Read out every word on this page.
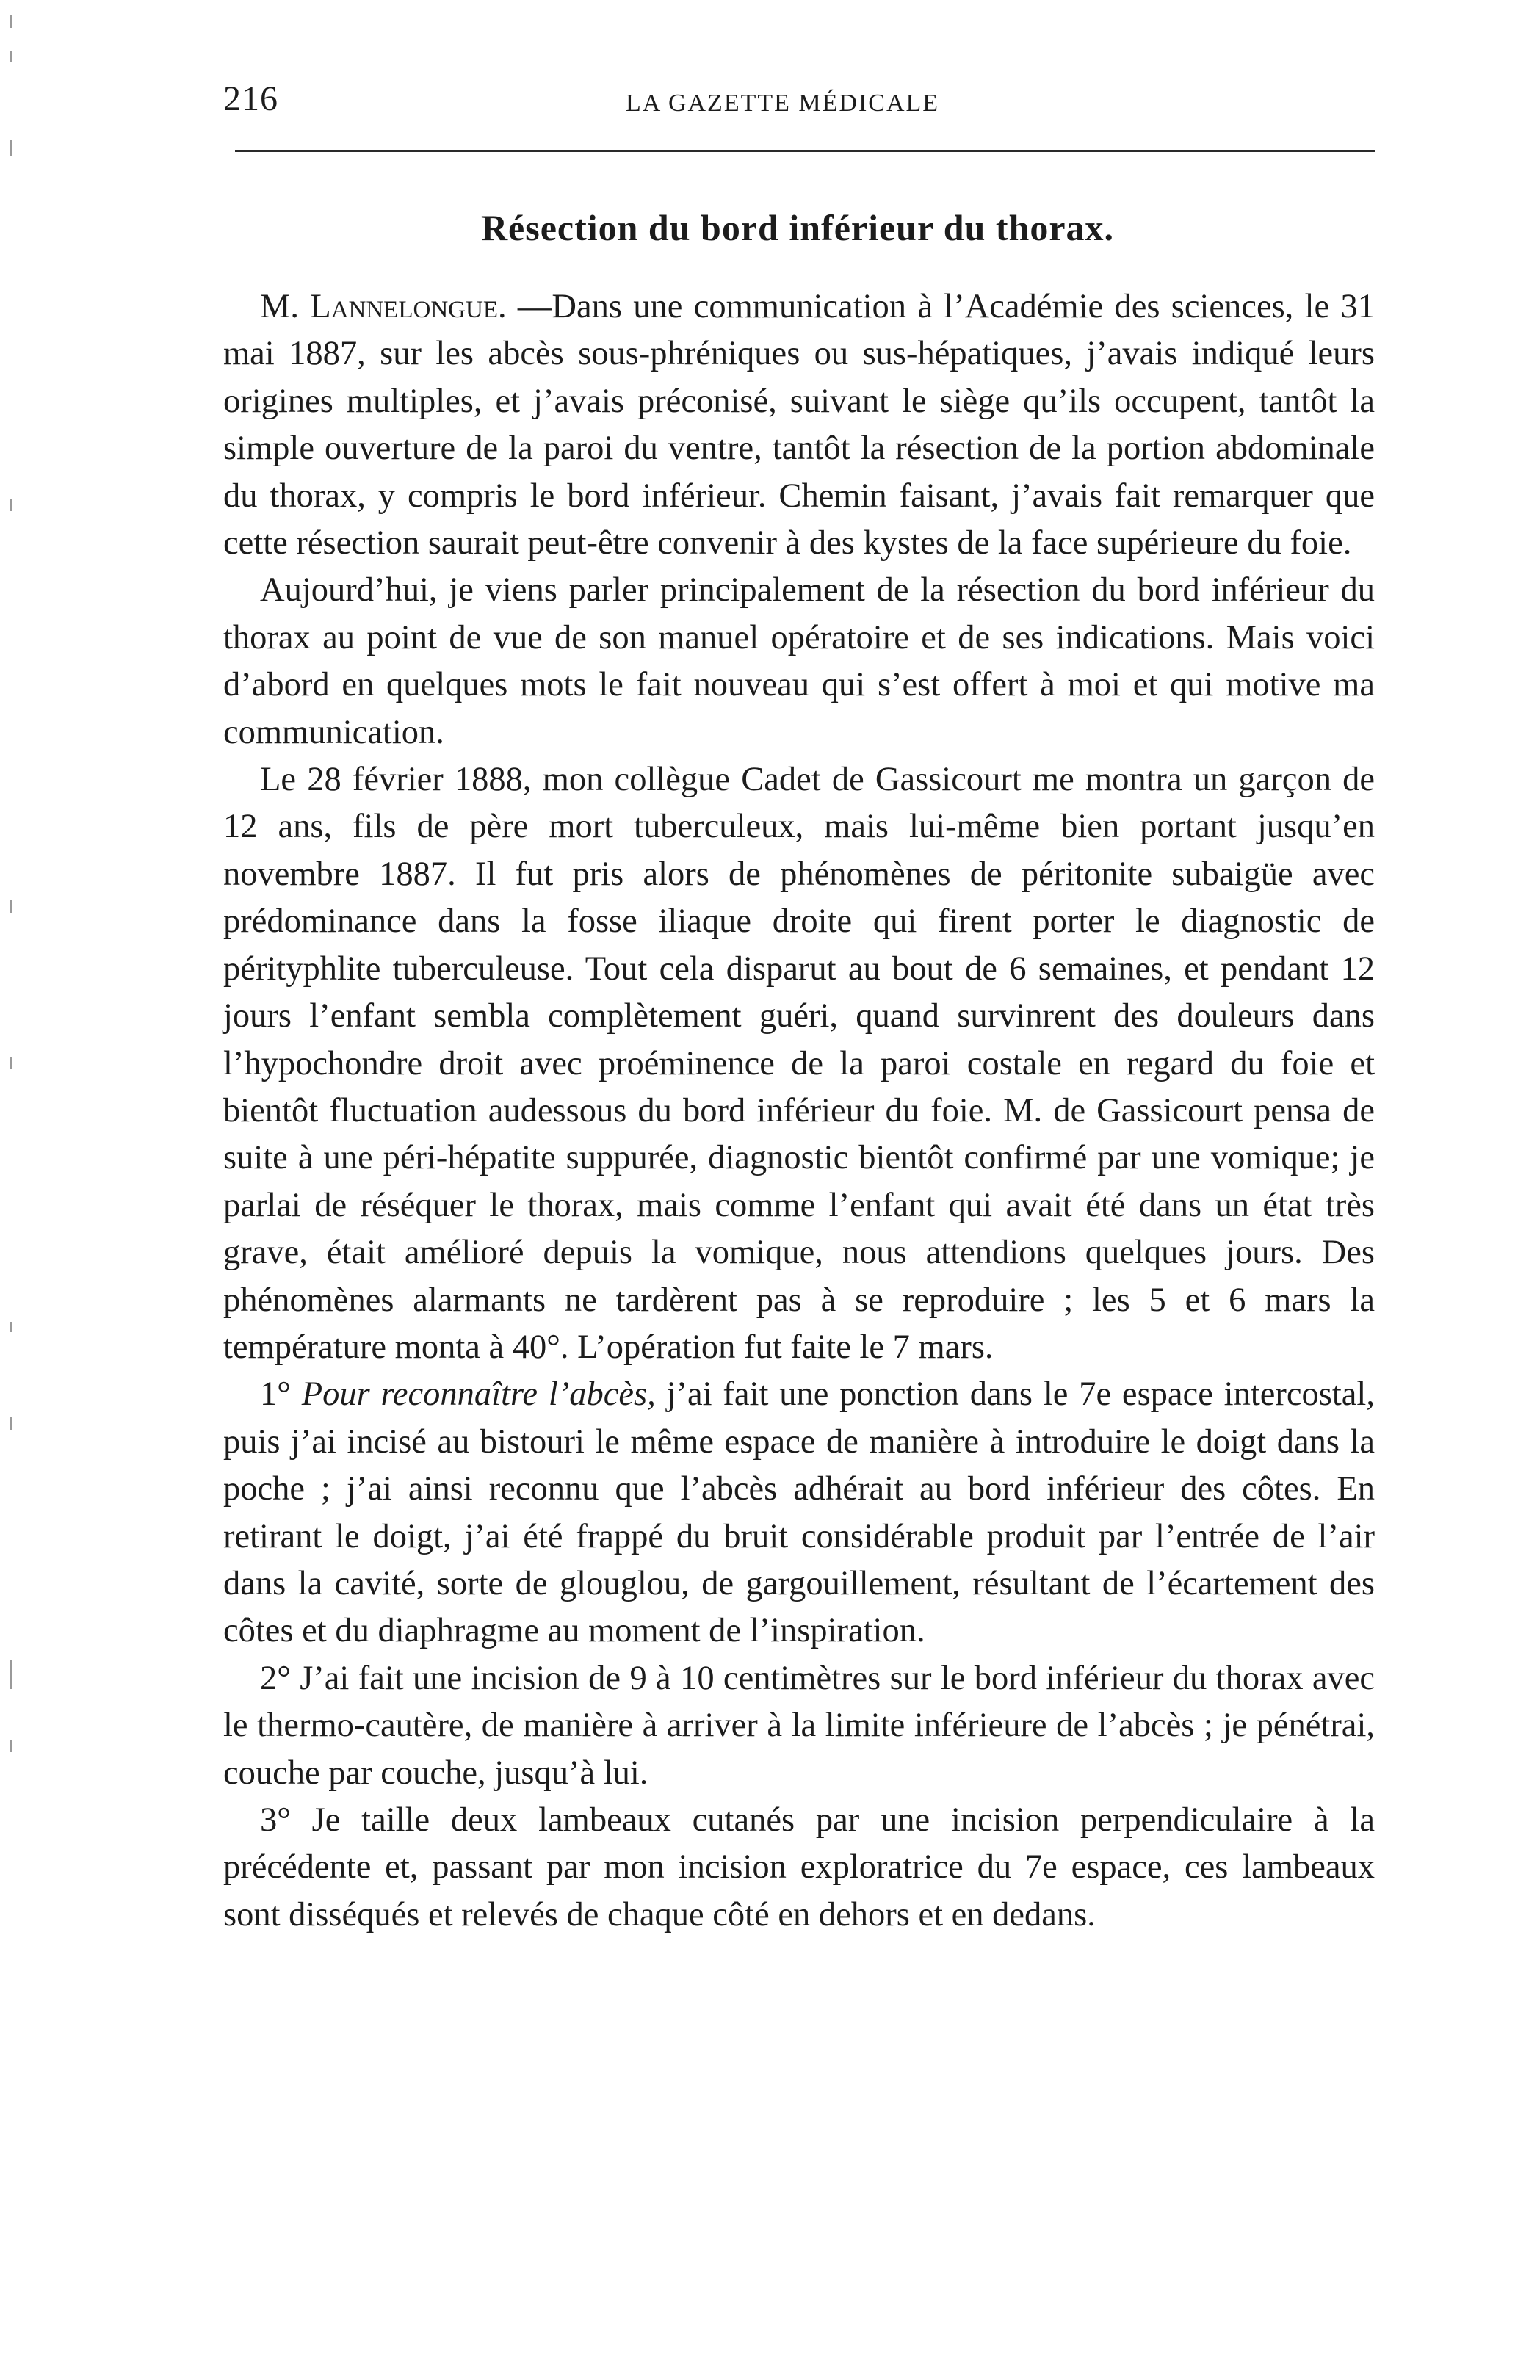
216	LA GAZETTE MÉDICALE
Résection du bord inférieur du thorax.

M. Lannelongue. —Dans une communication à l’Académie des sciences, le 31 mai 1887, sur les abcès sous-phréniques ou sus-hépatiques, j’avais indiqué leurs origines multiples, et j’avais préconisé, suivant le siège qu’ils occupent, tantôt la simple ouverture de la paroi du ventre, tantôt la résection de la portion abdominale du thorax, y compris le bord inférieur. Chemin faisant, j’avais fait remarquer que cette résection saurait peut-être convenir à des kystes de la face supérieure du foie.

Aujourd’hui, je viens parler principalement de la résection du bord inférieur du thorax au point de vue de son manuel opératoire et de ses indications. Mais voici d’abord en quelques mots le fait nouveau qui s’est offert à moi et qui motive ma communication.

Le 28 février 1888, mon collègue Cadet de Gassicourt me montra un garçon de 12 ans, fils de père mort tuberculeux, mais lui-même bien portant jusqu’en novembre 1887. Il fut pris alors de phénomènes de péritonite subaigüe avec prédominance dans la fosse iliaque droite qui firent porter le diagnostic de pérityphlite tuberculeuse. Tout cela disparut au bout de 6 semaines, et pendant 12 jours l’enfant sembla complètement guéri, quand survinrent des douleurs dans l’hypochondre droit avec proéminence de la paroi costale en regard du foie et bientôt fluctuation audessous du bord inférieur du foie. M. de Gassicourt pensa de suite à une péri-hépatite suppurée, diagnostic bientôt confirmé par une vomique; je parlai de réséquer le thorax, mais comme l’enfant qui avait été dans un état très grave, était amélioré depuis la vomique, nous attendions quelques jours. Des phénomènes alarmants ne tardèrent pas à se reproduire ; les 5 et 6 mars la température monta à 40°. L’opération fut faite le 7 mars.

1° Pour reconnaître l’abcès, j’ai fait une ponction dans le 7e espace intercostal, puis j’ai incisé au bistouri le même espace de manière à introduire le doigt dans la poche ; j’ai ainsi reconnu que l’abcès adhérait au bord inférieur des côtes. En retirant le doigt, j’ai été frappé du bruit considérable produit par l’entrée de l’air dans la cavité, sorte de glouglou, de gargouillement, résultant de l’écartement des côtes et du diaphragme au moment de l’inspiration.

2° J’ai fait une incision de 9 à 10 centimètres sur le bord inférieur du thorax avec le thermo-cautère, de manière à arriver à la limite inférieure de l’abcès ; je pénétrai, couche par couche, jusqu’à lui.

3° Je taille deux lambeaux cutanés par une incision perpendiculaire à la précédente et, passant par mon incision exploratrice du 7e espace, ces lambeaux sont disséqués et relevés de chaque côté en dehors et en dedans.
